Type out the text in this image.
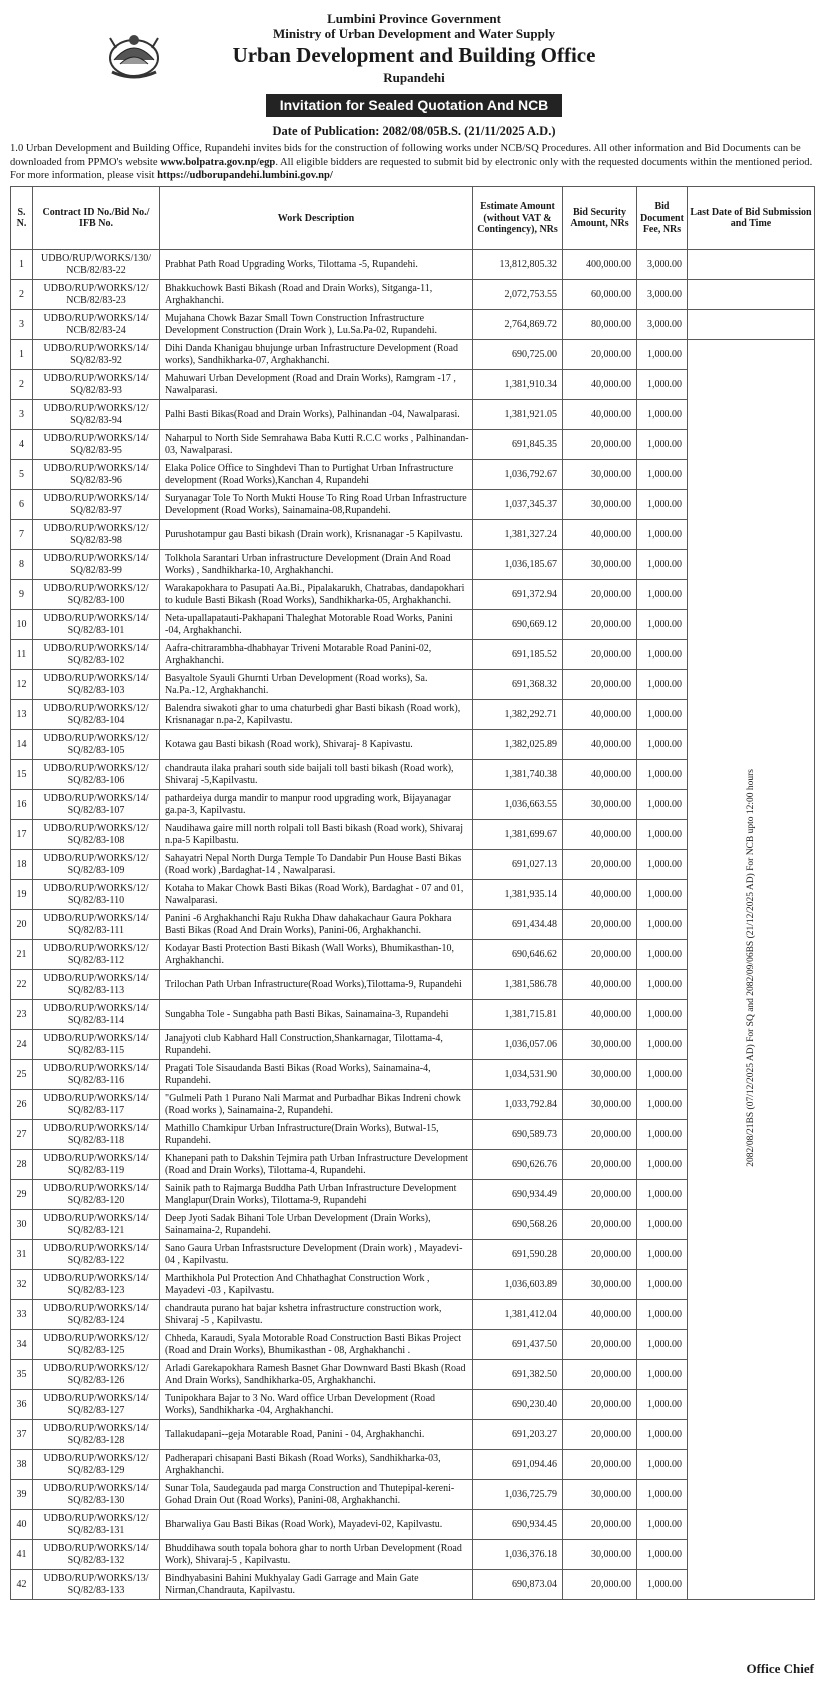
Lumbini Province Government
Ministry of Urban Development and Water Supply
Urban Development and Building Office
Rupandehi
Invitation for Sealed Quotation And NCB
Date of Publication: 2082/08/05B.S. (21/11/2025 A.D.)
1.0 Urban Development and Building Office, Rupandehi invites bids for the construction of following works under NCB/SQ Procedures. All other information and Bid Documents can be downloaded from PPMO's website www.bolpatra.gov.np/egp. All eligible bidders are requested to submit bid by electronic only with the requested documents within the mentioned period. For more information, please visit https://udborupandehi.lumbini.gov.np/
S. N.	Contract ID No./Bid No./ IFB No.	Work Description	Estimate Amount (without VAT & Contingency), NRs	Bid Security Amount, NRs	Bid Document Fee, NRs	Last Date of Bid Submission and Time
1	UDBO/RUP/WORKS/130/ NCB/82/83-22	Prabhat Path Road Upgrading Works, Tilottama -5, Rupandehi.	13,812,805.32	400,000.00	3,000.00	
2	UDBO/RUP/WORKS/12/ NCB/82/83-23	Bhakkuchowk Basti Bikash (Road and Drain Works), Sitganga-11, Arghakhanchi.	2,072,753.55	60,000.00	3,000.00	
3	UDBO/RUP/WORKS/14/ NCB/82/83-24	Mujahana Chowk Bazar Small Town Construction Infrastructure Development Construction (Drain Work ), Lu.Sa.Pa-02, Rupandehi.	2,764,869.72	80,000.00	3,000.00	
1	UDBO/RUP/WORKS/14/ SQ/82/83-92	Dihi Danda Khanigau bhujunge urban Infrastructure Development (Road works), Sandhikharka-07, Arghakhanchi.	690,725.00	20,000.00	1,000.00	2082/08/21BS (07/12/2025 AD) For SQ and 2082/09/06BS (21/12/2025 AD) For NCB upto 12:00 hours
2	UDBO/RUP/WORKS/14/ SQ/82/83-93	Mahuwari Urban Development (Road and Drain Works), Ramgram -17 , Nawalparasi.	1,381,910.34	40,000.00	1,000.00	
3	UDBO/RUP/WORKS/12/ SQ/82/83-94	Palhi Basti Bikas(Road and Drain Works), Palhinandan -04, Nawalparasi.	1,381,921.05	40,000.00	1,000.00	
4	UDBO/RUP/WORKS/14/ SQ/82/83-95	Naharpul to North Side Semrahawa Baba Kutti R.C.C works , Palhinandan-03, Nawalparasi.	691,845.35	20,000.00	1,000.00	
5	UDBO/RUP/WORKS/14/ SQ/82/83-96	Elaka Police Office to Singhdevi Than to Purtighat Urban Infrastructure development (Road Works),Kanchan 4, Rupandehi	1,036,792.67	30,000.00	1,000.00	
6	UDBO/RUP/WORKS/14/ SQ/82/83-97	Suryanagar Tole To North Mukti House To Ring Road Urban Infrastructure Development (Road Works), Sainamaina-08,Rupandehi.	1,037,345.37	30,000.00	1,000.00	
7	UDBO/RUP/WORKS/12/ SQ/82/83-98	Purushotampur gau Basti bikash (Drain work), Krisnanagar -5 Kapilvastu.	1,381,327.24	40,000.00	1,000.00	
8	UDBO/RUP/WORKS/14/ SQ/82/83-99	Tolkhola Sarantari Urban infrastructure Development (Drain And Road Works) , Sandhikharka-10, Arghakhanchi.	1,036,185.67	30,000.00	1,000.00	
9	UDBO/RUP/WORKS/12/ SQ/82/83-100	Warakapokhara to Pasupati Aa.Bi., Pipalakarukh, Chatrabas, dandapokhari to kudule Basti Bikash (Road Works), Sandhikharka-05, Arghakhanchi.	691,372.94	20,000.00	1,000.00	
10	UDBO/RUP/WORKS/14/ SQ/82/83-101	Neta-upallapatauti-Pakhapani Thaleghat Motorable Road Works, Panini -04, Arghakhanchi.	690,669.12	20,000.00	1,000.00	
11	UDBO/RUP/WORKS/14/ SQ/82/83-102	Aafra-chitrarambha-dhabhayar Triveni Motarable Road Panini-02, Arghakhanchi.	691,185.52	20,000.00	1,000.00	
12	UDBO/RUP/WORKS/14/ SQ/82/83-103	Basyaltole Syauli Ghurnti Urban Development (Road works), Sa. Na.Pa.-12, Arghakhanchi.	691,368.32	20,000.00	1,000.00	
13	UDBO/RUP/WORKS/12/ SQ/82/83-104	Balendra siwakoti ghar to uma chaturbedi ghar Basti bikash (Road work), Krisnanagar n.pa-2, Kapilvastu.	1,382,292.71	40,000.00	1,000.00	
14	UDBO/RUP/WORKS/12/ SQ/82/83-105	Kotawa gau Basti bikash (Road work), Shivaraj- 8 Kapivastu.	1,382,025.89	40,000.00	1,000.00	
15	UDBO/RUP/WORKS/12/ SQ/82/83-106	chandrauta ilaka prahari south side baijali toll basti bikash (Road work), Shivaraj -5,Kapilvastu.	1,381,740.38	40,000.00	1,000.00	
16	UDBO/RUP/WORKS/14/ SQ/82/83-107	pathardeiya durga mandir to manpur rood upgrading work, Bijayanagar ga.pa-3, Kapilvastu.	1,036,663.55	30,000.00	1,000.00	
17	UDBO/RUP/WORKS/12/ SQ/82/83-108	Naudihawa gaire mill north rolpali toll Basti bikash (Road work), Shivaraj n.pa-5 Kapilbastu.	1,381,699.67	40,000.00	1,000.00	
18	UDBO/RUP/WORKS/12/ SQ/82/83-109	Sahayatri Nepal North Durga Temple To Dandabir Pun House Basti Bikas (Road work) ,Bardaghat-14 , Nawalparasi.	691,027.13	20,000.00	1,000.00	
19	UDBO/RUP/WORKS/12/ SQ/82/83-110	Kotaha to Makar Chowk Basti Bikas (Road Work), Bardaghat - 07 and 01, Nawalparasi.	1,381,935.14	40,000.00	1,000.00	
20	UDBO/RUP/WORKS/14/ SQ/82/83-111	Panini -6 Arghakhanchi Raju Rukha Dhaw dahakachaur Gaura Pokhara Basti Bikas (Road And Drain Works), Panini-06, Arghakhanchi.	691,434.48	20,000.00	1,000.00	
21	UDBO/RUP/WORKS/12/ SQ/82/83-112	Kodayar Basti Protection Basti Bikash (Wall Works), Bhumikasthan-10, Arghakhanchi.	690,646.62	20,000.00	1,000.00	
22	UDBO/RUP/WORKS/14/ SQ/82/83-113	Trilochan Path Urban Infrastructure(Road Works),Tilottama-9, Rupandehi	1,381,586.78	40,000.00	1,000.00	
23	UDBO/RUP/WORKS/14/ SQ/82/83-114	Sungabha Tole - Sungabha path Basti Bikas, Sainamaina-3, Rupandehi	1,381,715.81	40,000.00	1,000.00	
24	UDBO/RUP/WORKS/14/ SQ/82/83-115	Janajyoti club Kabhard Hall Construction,Shankarnagar, Tilottama-4, Rupandehi.	1,036,057.06	30,000.00	1,000.00	
25	UDBO/RUP/WORKS/14/ SQ/82/83-116	Pragati Tole Sisaudanda Basti Bikas (Road Works), Sainamaina-4, Rupandehi.	1,034,531.90	30,000.00	1,000.00	
26	UDBO/RUP/WORKS/14/ SQ/82/83-117	"Gulmeli Path 1 Purano Nali Marmat and Purbadhar Bikas Indreni chowk (Road works ), Sainamaina-2, Rupandehi.	1,033,792.84	30,000.00	1,000.00	
27	UDBO/RUP/WORKS/14/ SQ/82/83-118	Mathillo Chamkipur Urban Infrastructure(Drain Works), Butwal-15, Rupandehi.	690,589.73	20,000.00	1,000.00	
28	UDBO/RUP/WORKS/14/ SQ/82/83-119	Khanepani path to Dakshin Tejmira path Urban Infrastructure Development (Road and Drain Works), Tilottama-4, Rupandehi.	690,626.76	20,000.00	1,000.00	
29	UDBO/RUP/WORKS/14/ SQ/82/83-120	Sainik path to Rajmarga Buddha Path Urban Infrastructure Development Manglapur(Drain Works), Tilottama-9, Rupandehi	690,934.49	20,000.00	1,000.00	
30	UDBO/RUP/WORKS/14/ SQ/82/83-121	Deep Jyoti Sadak Bihani Tole Urban Development (Drain Works), Sainamaina-2, Rupandehi.	690,568.26	20,000.00	1,000.00	
31	UDBO/RUP/WORKS/14/ SQ/82/83-122	Sano Gaura Urban Infrastsructure Development (Drain work) , Mayadevi-04 , Kapilvastu.	691,590.28	20,000.00	1,000.00	
32	UDBO/RUP/WORKS/14/ SQ/82/83-123	Marthikhola Pul Protection And Chhathaghat Construction Work , Mayadevi -03 , Kapilvastu.	1,036,603.89	30,000.00	1,000.00	
33	UDBO/RUP/WORKS/14/ SQ/82/83-124	chandrauta purano hat bajar kshetra infrastructure construction work, Shivaraj -5 , Kapilvastu.	1,381,412.04	40,000.00	1,000.00	
34	UDBO/RUP/WORKS/12/ SQ/82/83-125	Chheda, Karaudi, Syala Motorable Road Construction Basti Bikas Project (Road and Drain Works), Bhumikasthan - 08, Arghakhanchi .	691,437.50	20,000.00	1,000.00	
35	UDBO/RUP/WORKS/12/ SQ/82/83-126	Arladi Garekapokhara Ramesh Basnet Ghar Downward Basti Bkash (Road And Drain Works), Sandhikharka-05, Arghakhanchi.	691,382.50	20,000.00	1,000.00	
36	UDBO/RUP/WORKS/14/ SQ/82/83-127	Tunipokhara Bajar to 3 No. Ward office Urban Development (Road Works), Sandhikharka -04, Arghakhanchi.	690,230.40	20,000.00	1,000.00	
37	UDBO/RUP/WORKS/14/ SQ/82/83-128	Tallakudapani--geja Motarable Road, Panini - 04, Arghakhanchi.	691,203.27	20,000.00	1,000.00	
38	UDBO/RUP/WORKS/12/ SQ/82/83-129	Padherapari chisapani Basti Bikash (Road Works), Sandhikharka-03, Arghakhanchi.	691,094.46	20,000.00	1,000.00	
39	UDBO/RUP/WORKS/14/ SQ/82/83-130	Sunar Tola, Saudegauda pad marga Construction and Thutepipal-kereni-Gohad Drain Out (Road Works), Panini-08, Arghakhanchi.	1,036,725.79	30,000.00	1,000.00	
40	UDBO/RUP/WORKS/12/ SQ/82/83-131	Bharwaliya Gau Basti Bikas (Road Work), Mayadevi-02, Kapilvastu.	690,934.45	20,000.00	1,000.00	
41	UDBO/RUP/WORKS/14/ SQ/82/83-132	Bhuddihawa south topala bohora ghar to north Urban Development (Road Work), Shivaraj-5 , Kapilvastu.	1,036,376.18	30,000.00	1,000.00	
42	UDBO/RUP/WORKS/13/ SQ/82/83-133	Bindhyabasini Bahini Mukhyalay Gadi Garrage and Main Gate Nirman,Chandrauta, Kapilvastu.	690,873.04	20,000.00	1,000.00	
Office Chief
